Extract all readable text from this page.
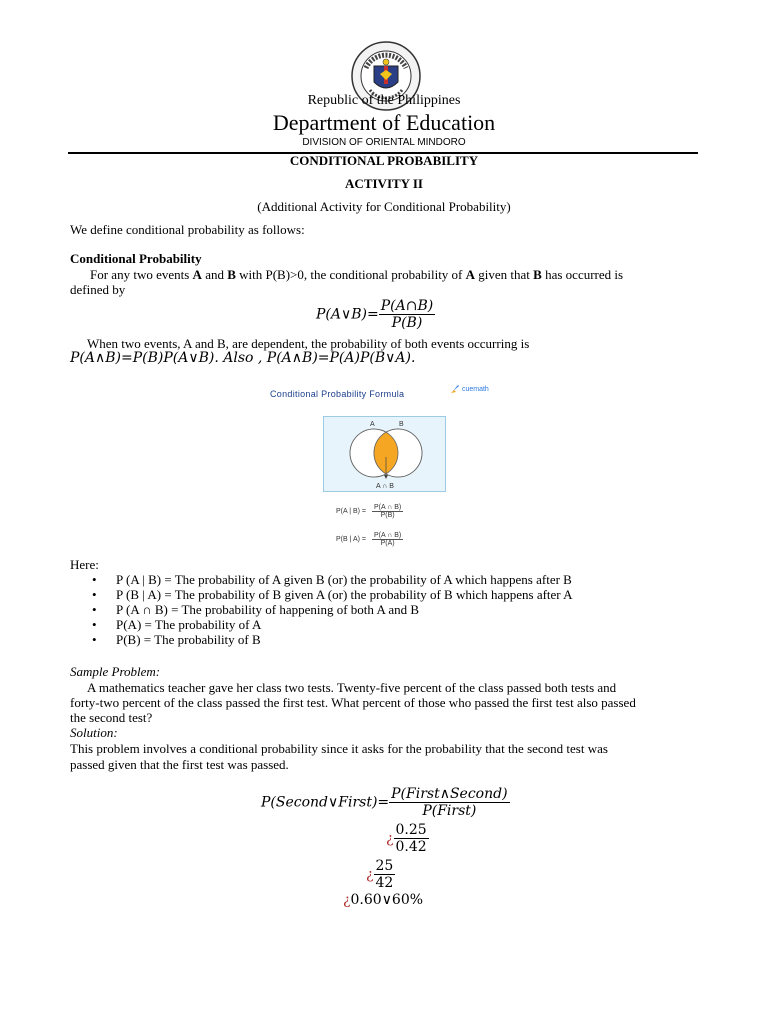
Republic of the Philippines
Department of Education
DIVISION OF ORIENTAL MINDORO
CONDITIONAL PROBABILITY
ACTIVITY II
(Additional Activity for Conditional Probability)
We define conditional probability as follows:
Conditional Probability
For any two events A and B with P(B)>0, the conditional probability of A given that B has occurred is
defined by
P(A∨B)= $\frac{P(A\cap B)}{P(B)}$
When two events, A and B, are dependent, the probability of both events occurring is
P(A∧B)=P(B)P(A∨B). Also , P(A∧B)=P(A)P(B∨A).
Conditional Probability Formula	cuemath
A	B
A ∩ B
P(A | $B) = \frac{P(A \cap B)}{P(B)}$
P(B | $A) = \frac{P(A \cap B)}{P(A)}$
Here:
• P (A | B) = The probability of A given B (or) the probability of A which happens after B
• P (B | A) = The probability of B given A (or) the probability of B which happens after A
• P (A ∩ B) = The probability of happening of both A and B
• P(A) = The probability of A
• P(B) = The probability of B
Sample Problem:
A mathematics teacher gave her class two tests. Twenty-five percent of the class passed both tests and
forty-two percent of the class passed the first test. What percent of those who passed the first test also passed
the second test?
Solution:
This problem involves a conditional probability since it asks for the probability that the second test was
passed given that the first test was passed.
P(Second∨First)= $\frac{\text{P(First∧Second)}}{\text{P(First)}}$
¿ $\frac{0.25}{0.42}$
¿ $\frac{25}{42}$
¿0.60∨60%
